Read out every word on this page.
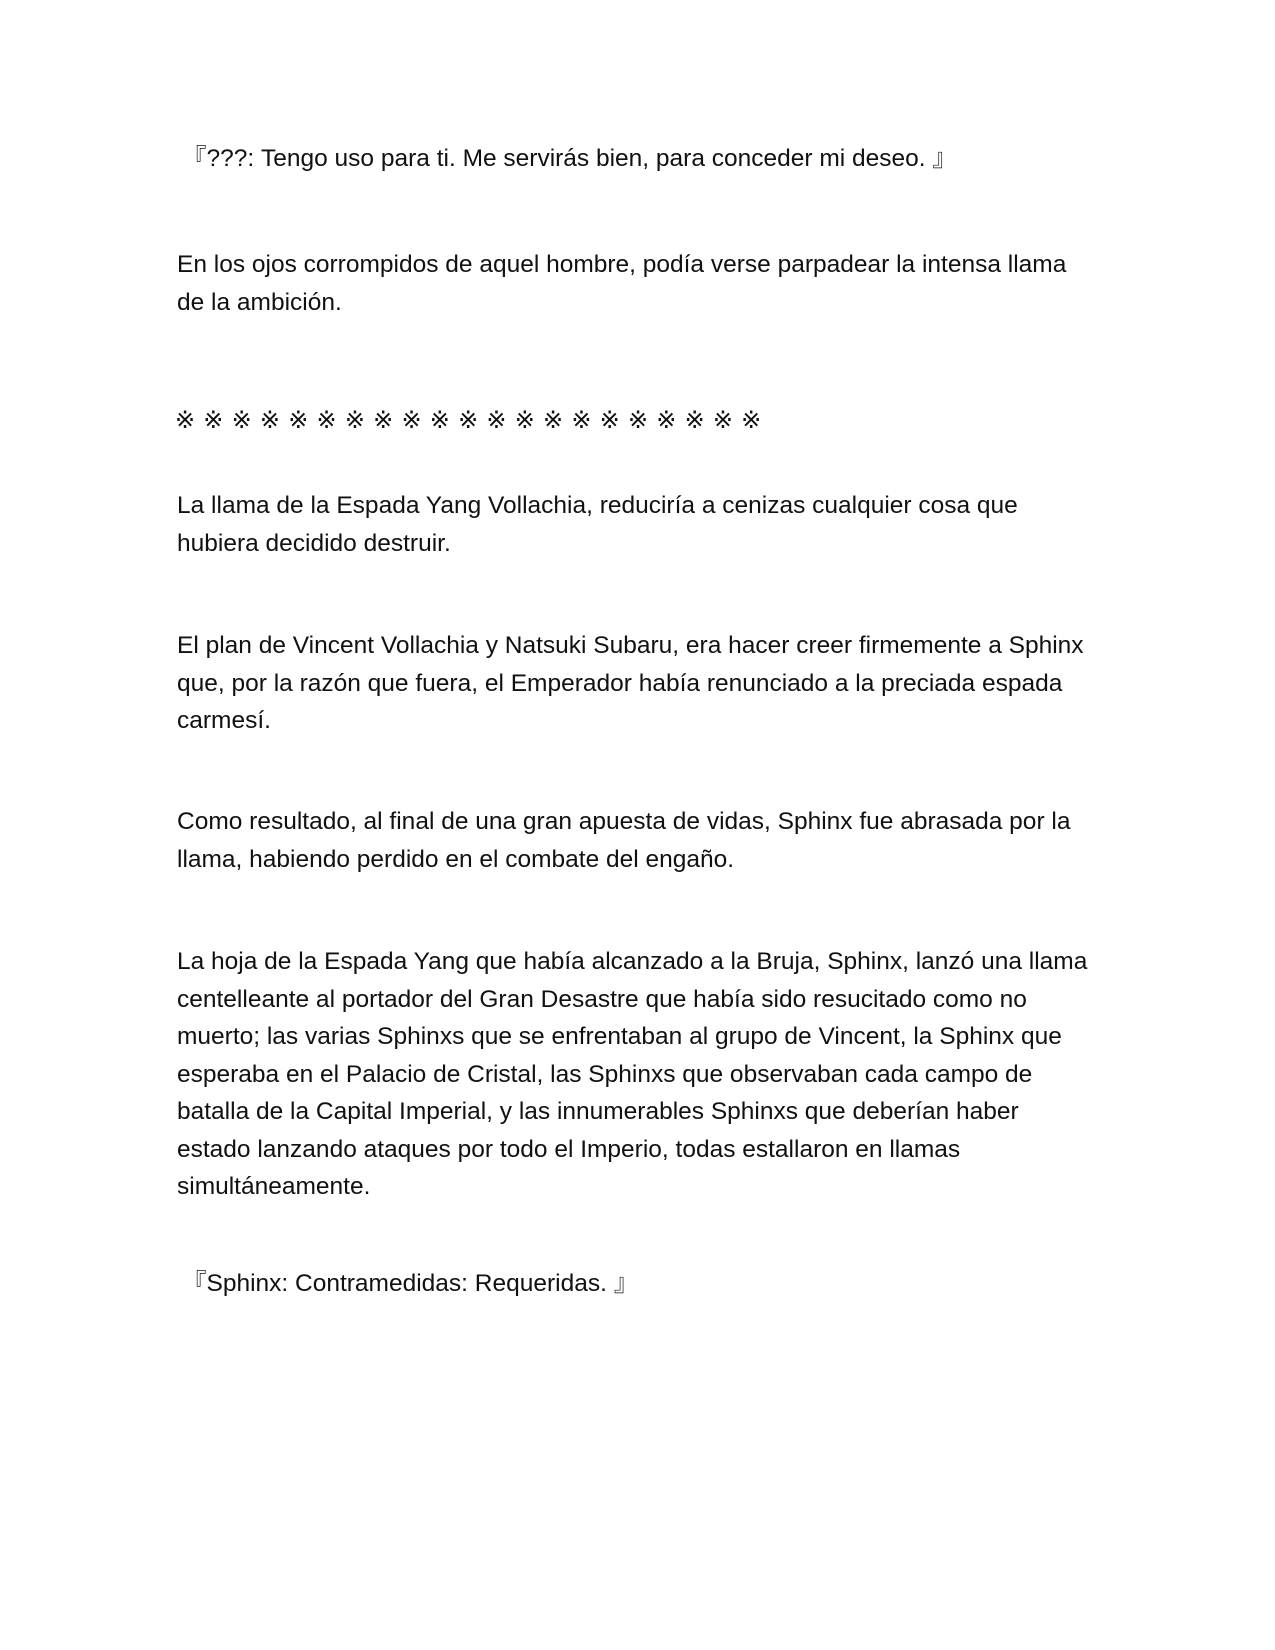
『???: Tengo uso para ti. Me servirás bien, para conceder mi deseo. 』

En los ojos corrompidos de aquel hombre, podía verse parpadear la intensa llama de la ambición.

※※※※※※※※※※※※※※※※※※※※※

La llama de la Espada Yang Vollachia, reduciría a cenizas cualquier cosa que hubiera decidido destruir.

El plan de Vincent Vollachia y Natsuki Subaru, era hacer creer firmemente a Sphinx que, por la razón que fuera, el Emperador había renunciado a la preciada espada carmesí.

Como resultado, al final de una gran apuesta de vidas, Sphinx fue abrasada por la llama, habiendo perdido en el combate del engaño.

La hoja de la Espada Yang que había alcanzado a la Bruja, Sphinx, lanzó una llama centelleante al portador del Gran Desastre que había sido resucitado como no muerto; las varias Sphinxs que se enfrentaban al grupo de Vincent, la Sphinx que esperaba en el Palacio de Cristal, las Sphinxs que observaban cada campo de batalla de la Capital Imperial, y las innumerables Sphinxs que deberían haber estado lanzando ataques por todo el Imperio, todas estallaron en llamas simultáneamente.

『Sphinx: Contramedidas: Requeridas. 』
